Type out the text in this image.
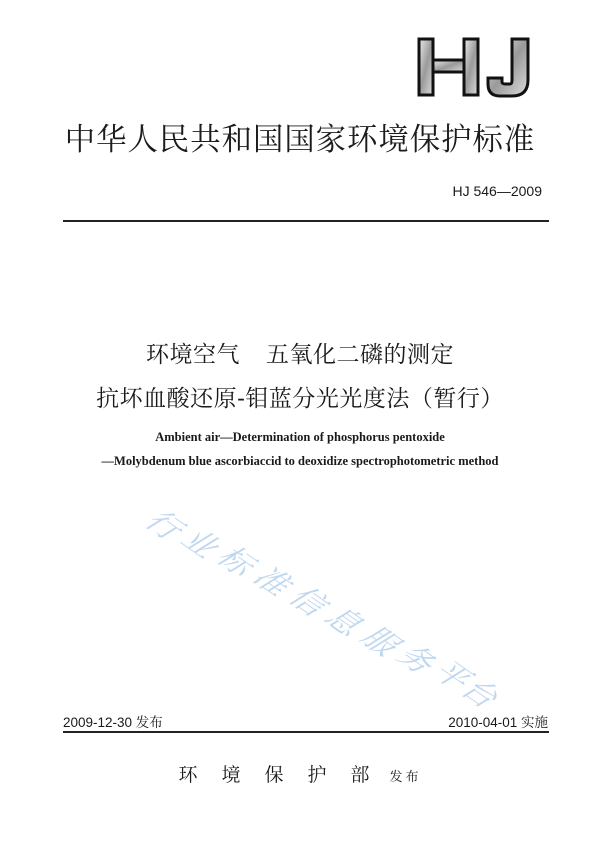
中华人民共和国国家环境保护标准
HJ 546—2009
环境空气 五氧化二磷的测定
抗坏血酸还原-钼蓝分光光度法（暂行）
Ambient air—Determination of phosphorus pentoxide
—Molybdenum blue ascorbiaccid to deoxidize spectrophotometric method
行
业
标
准
信
息
服
务
平
台
2009-12-30 发布	2010-04-01 实施
环境保护部发布
